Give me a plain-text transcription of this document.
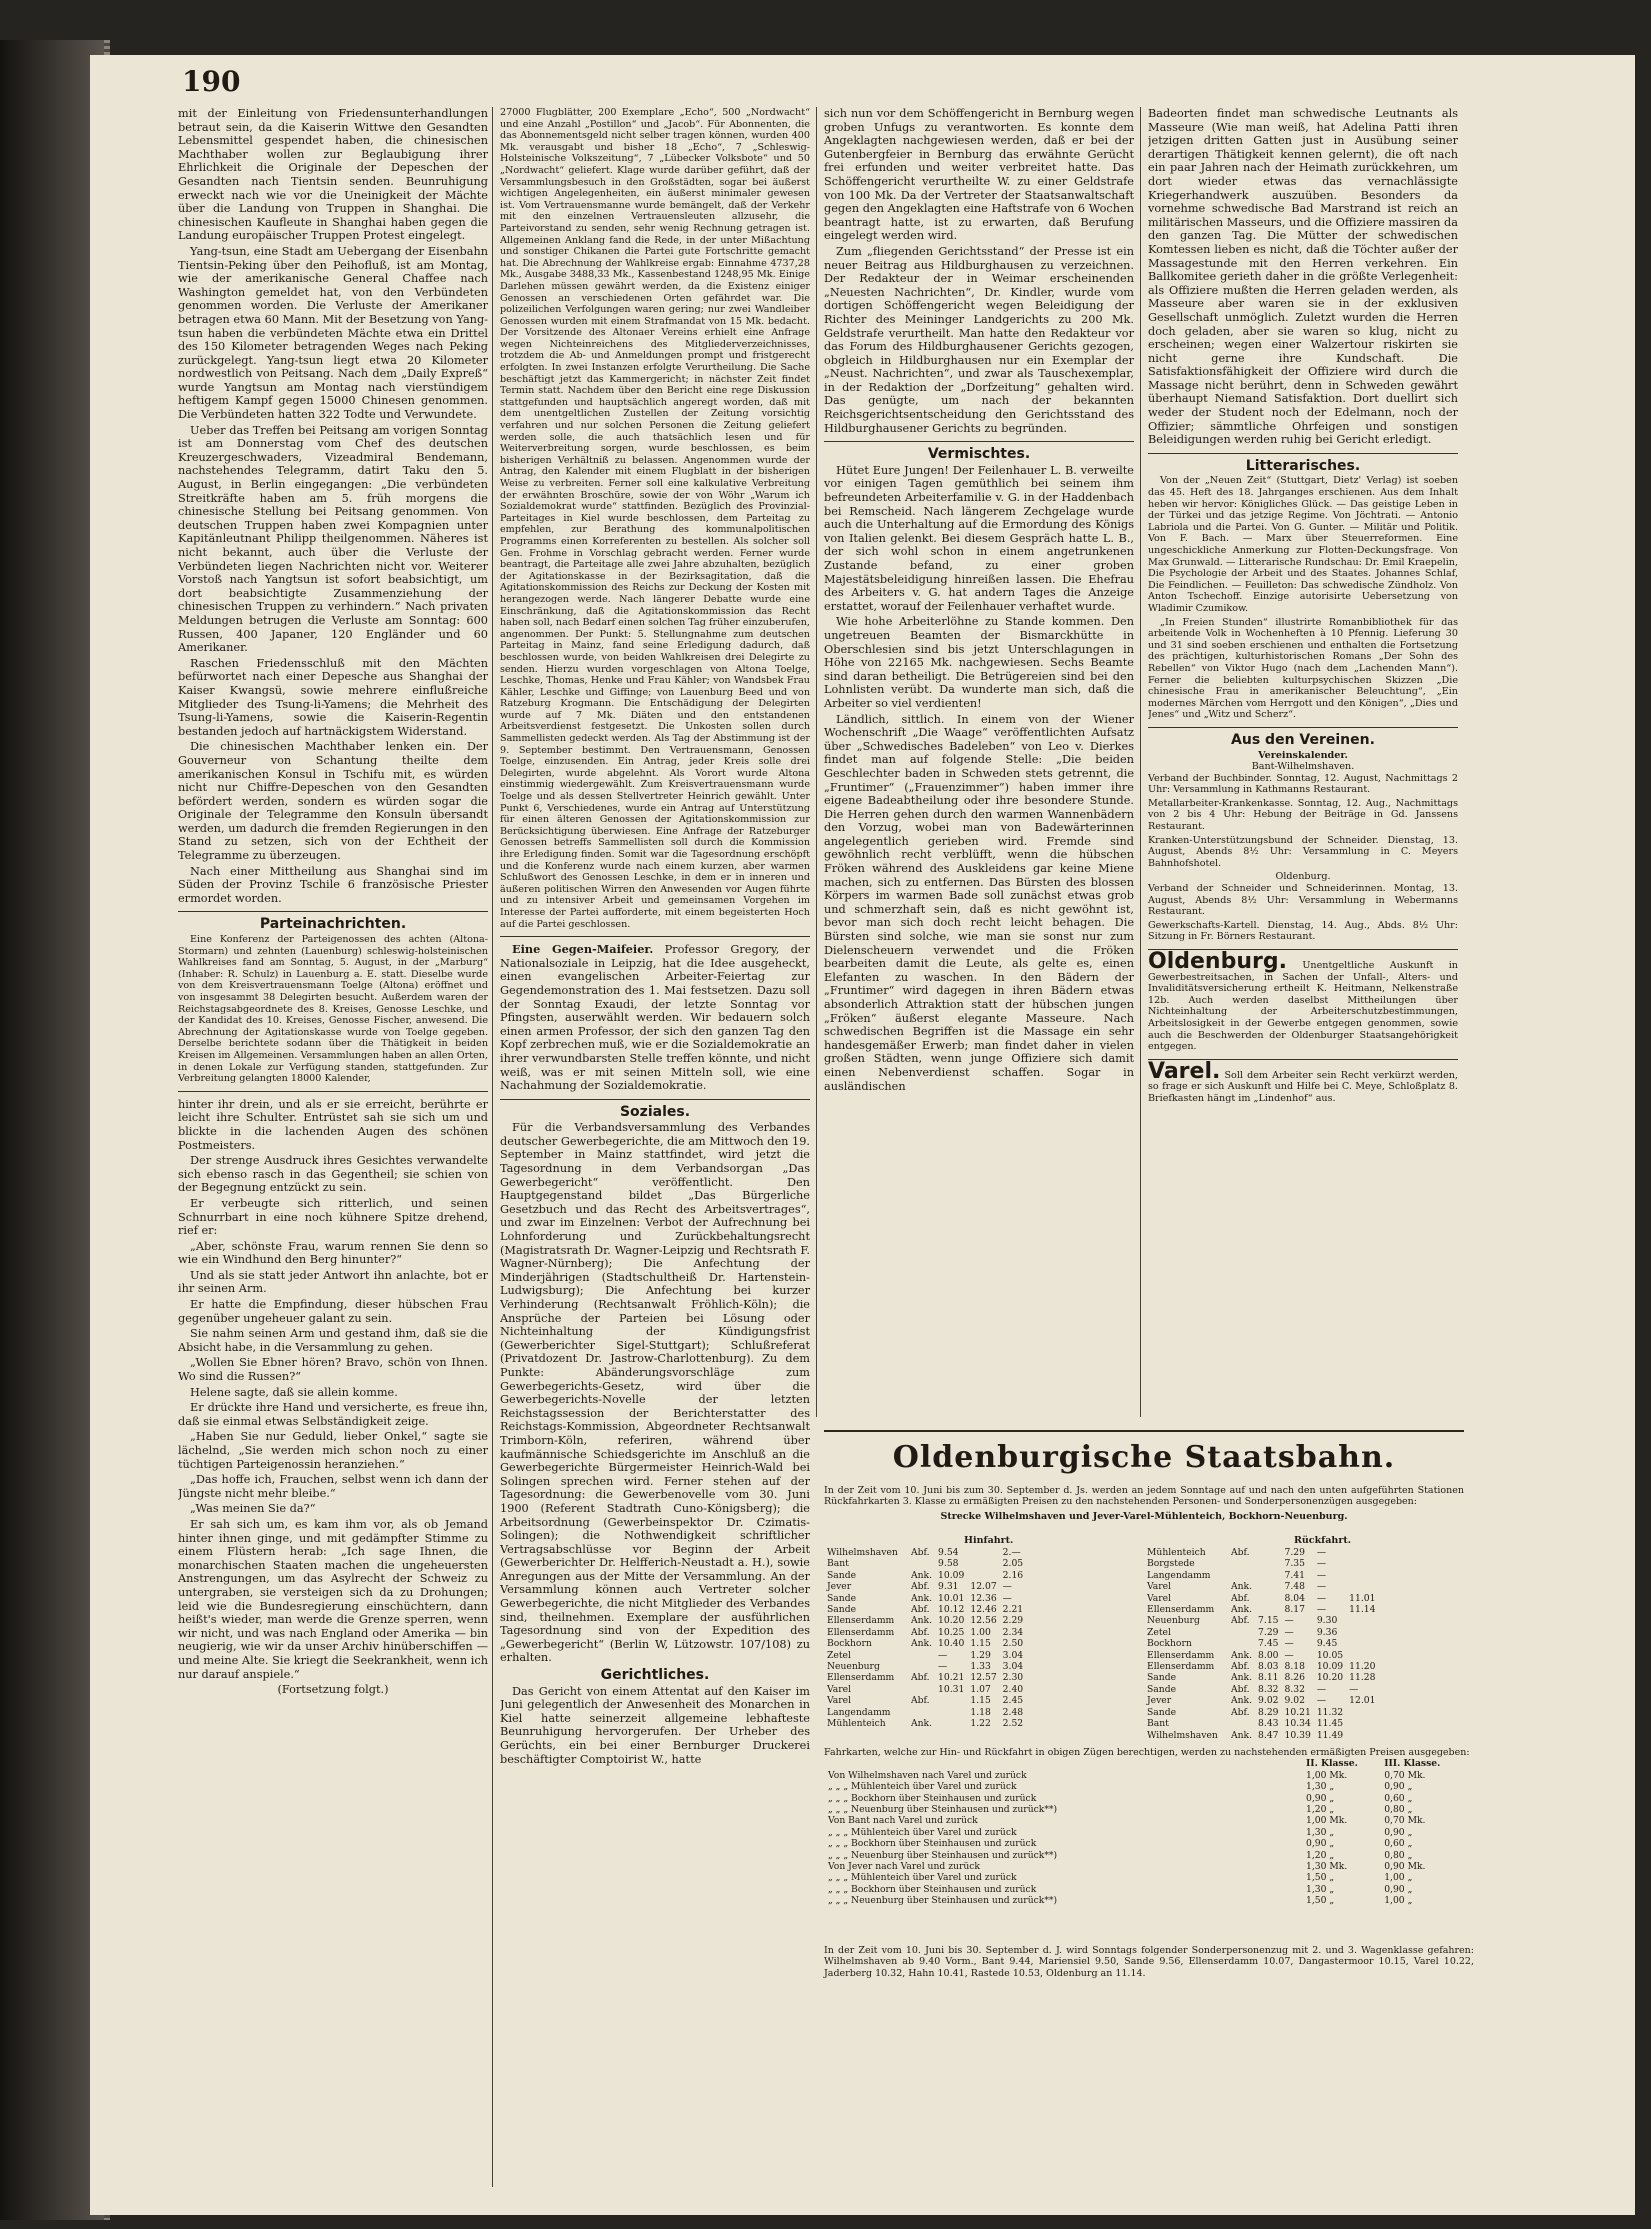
190

mit der Einleitung von Friedensunterhandlungen betraut sein, da die Kaiserin Wittwe den Gesandten Lebensmittel gespendet haben, die chinesischen Machthaber wollen zur Beglaubigung ihrer Ehrlichkeit die Originale der Depeschen der Gesandten nach Tientsin senden. Beunruhigung erweckt nach wie vor die Uneinigkeit der Mächte über die Landung von Truppen in Shanghai. Die chinesischen Kaufleute in Shanghai haben gegen die Landung europäischer Truppen Protest eingelegt.

Yang-tsun, eine Stadt am Uebergang der Eisenbahn Tientsin-Peking über den Peihofluß, ist am Montag, wie der amerikanische General Chaffee nach Washington gemeldet hat, von den Verbündeten genommen worden. Die Verluste der Amerikaner betragen etwa 60 Mann. Mit der Besetzung von Yang-tsun haben die verbündeten Mächte etwa ein Drittel des 150 Kilometer betragenden Weges nach Peking zurückgelegt. Yang-tsun liegt etwa 20 Kilometer nordwestlich von Peitsang. Nach dem „Daily Expreß“ wurde Yangtsun am Montag nach vierstündigem heftigem Kampf gegen 15000 Chinesen genommen. Die Verbündeten hatten 322 Todte und Verwundete.

Ueber das Treffen bei Peitsang am vorigen Sonntag ist am Donnerstag vom Chef des deutschen Kreuzergeschwaders, Vizeadmiral Bendemann, nachstehendes Telegramm, datirt Taku den 5. August, in Berlin eingegangen: „Die verbündeten Streitkräfte haben am 5. früh morgens die chinesische Stellung bei Peitsang genommen. Von deutschen Truppen haben zwei Kompagnien unter Kapitänleutnant Philipp theilgenommen. Näheres ist nicht bekannt, auch über die Verluste der Verbündeten liegen Nachrichten nicht vor. Weiterer Vorstoß nach Yangtsun ist sofort beabsichtigt, um dort beabsichtigte Zusammenziehung der chinesischen Truppen zu verhindern.“ Nach privaten Meldungen betrugen die Verluste am Sonntag: 600 Russen, 400 Japaner, 120 Engländer und 60 Amerikaner.

Raschen Friedensschluß mit den Mächten befürwortet nach einer Depesche aus Shanghai der Kaiser Kwangsü, sowie mehrere einflußreiche Mitglieder des Tsung-li-Yamens; die Mehrheit des Tsung-li-Yamens, sowie die Kaiserin-Regentin bestanden jedoch auf hartnäckigstem Widerstand.

Die chinesischen Machthaber lenken ein. Der Gouverneur von Schantung theilte dem amerikanischen Konsul in Tschifu mit, es würden nicht nur Chiffre-Depeschen von den Gesandten befördert werden, sondern es würden sogar die Originale der Telegramme den Konsuln übersandt werden, um dadurch die fremden Regierungen in den Stand zu setzen, sich von der Echtheit der Telegramme zu überzeugen.

Nach einer Mittheilung aus Shanghai sind im Süden der Provinz Tschile 6 französische Priester ermordet worden.

Parteinachrichten.

Eine Konferenz der Parteigenossen des achten (Altona-Stormarn) und zehnten (Lauenburg) schleswig-holsteinischen Wahlkreises fand am Sonntag, 5. August, in der „Marburg“ (Inhaber: R. Schulz) in Lauenburg a. E. statt. Dieselbe wurde von dem Kreisvertrauensmann Toelge (Altona) eröffnet und von insgesammt 38 Delegirten besucht. Außerdem waren der Reichstagsabgeordnete des 8. Kreises, Genosse Leschke, und der Kandidat des 10. Kreises, Genosse Fischer, anwesend. Die Abrechnung der Agitationskasse wurde von Toelge gegeben. Derselbe berichtete sodann über die Thätigkeit in beiden Kreisen im Allgemeinen. Versammlungen haben an allen Orten, in denen Lokale zur Verfügung standen, stattgefunden. Zur Verbreitung gelangten 18000 Kalender,

hinter ihr drein, und als er sie erreicht, berührte er leicht ihre Schulter. Entrüstet sah sie sich um und blickte in die lachenden Augen des schönen Postmeisters.

Der strenge Ausdruck ihres Gesichtes verwandelte sich ebenso rasch in das Gegentheil; sie schien von der Begegnung entzückt zu sein.

Er verbeugte sich ritterlich, und seinen Schnurrbart in eine noch kühnere Spitze drehend, rief er:

„Aber, schönste Frau, warum rennen Sie denn so wie ein Windhund den Berg hinunter?“

Und als sie statt jeder Antwort ihn anlachte, bot er ihr seinen Arm.

Er hatte die Empfindung, dieser hübschen Frau gegenüber ungeheuer galant zu sein.

Sie nahm seinen Arm und gestand ihm, daß sie die Absicht habe, in die Versammlung zu gehen.

„Wollen Sie Ebner hören? Bravo, schön von Ihnen. Wo sind die Russen?“

Helene sagte, daß sie allein komme.

Er drückte ihre Hand und versicherte, es freue ihn, daß sie einmal etwas Selbständigkeit zeige.

„Haben Sie nur Geduld, lieber Onkel,“ sagte sie lächelnd, „Sie werden mich schon noch zu einer tüchtigen Parteigenossin heranziehen.“

„Das hoffe ich, Frauchen, selbst wenn ich dann der Jüngste nicht mehr bleibe.“

„Was meinen Sie da?“

Er sah sich um, es kam ihm vor, als ob Jemand hinter ihnen ginge, und mit gedämpfter Stimme zu einem Flüstern herab: „Ich sage Ihnen, die monarchischen Staaten machen die ungeheuersten Anstrengungen, um das Asylrecht der Schweiz zu untergraben, sie versteigen sich da zu Drohungen; leid wie die Bundesregierung einschüchtern, dann heißt's wieder, man werde die Grenze sperren, wenn wir nicht, und was nach England oder Amerika — bin neugierig, wie wir da unser Archiv hinüberschiffen — und meine Alte. Sie kriegt die Seekrankheit, wenn ich nur darauf anspiele.“

(Fortsetzung folgt.)

27000 Flugblätter, 200 Exemplare „Echo“, 500 „Nordwacht“ und eine Anzahl „Postillon“ und „Jacob“. Für Abonnenten, die das Abonnementsgeld nicht selber tragen können, wurden 400 Mk. verausgabt und bisher 18 „Echo“, 7 „Schleswig-Holsteinische Volkszeitung“, 7 „Lübecker Volksbote“ und 50 „Nordwacht“ geliefert. Klage wurde darüber geführt, daß der Versammlungsbesuch in den Großstädten, sogar bei äußerst wichtigen Angelegenheiten, ein äußerst minimaler gewesen ist. Vom Vertrauensmanne wurde bemängelt, daß der Verkehr mit den einzelnen Vertrauensleuten allzusehr, die Parteivorstand zu senden, sehr wenig Rechnung getragen ist. Allgemeinen Anklang fand die Rede, in der unter Mißachtung und sonstiger Chikanen die Partei gute Fortschritte gemacht hat. Die Abrechnung der Wahlkreise ergab: Einnahme 4737,28 Mk., Ausgabe 3488,33 Mk., Kassenbestand 1248,95 Mk. Einige Darlehen müssen gewährt werden, da die Existenz einiger Genossen an verschiedenen Orten gefährdet war. Die polizeilichen Verfolgungen waren gering; nur zwei Wandleiber Genossen wurden mit einem Strafmandat von 15 Mk. bedacht. Der Vorsitzende des Altonaer Vereins erhielt eine Anfrage wegen Nichteinreichens des Mitgliederverzeichnisses, trotzdem die Ab- und Anmeldungen prompt und fristgerecht erfolgten. In zwei Instanzen erfolgte Verurtheilung. Die Sache beschäftigt jetzt das Kammergericht; in nächster Zeit findet Termin statt. Nachdem über den Bericht eine rege Diskussion stattgefunden und hauptsächlich angeregt worden, daß mit dem unentgeltlichen Zustellen der Zeitung vorsichtig verfahren und nur solchen Personen die Zeitung geliefert werden solle, die auch thatsächlich lesen und für Weiterverbreitung sorgen, wurde beschlossen, es beim bisherigen Verhältniß zu belassen. Angenommen wurde der Antrag, den Kalender mit einem Flugblatt in der bisherigen Weise zu verbreiten. Ferner soll eine kalkulative Verbreitung der erwähnten Broschüre, sowie der von Wöhr „Warum ich Sozialdemokrat wurde“ stattfinden. Bezüglich des Provinzial-Parteitages in Kiel wurde beschlossen, dem Parteitag zu empfehlen, zur Berathung des kommunalpolitischen Programms einen Korreferenten zu bestellen. Als solcher soll Gen. Frohme in Vorschlag gebracht werden. Ferner wurde beantragt, die Parteitage alle zwei Jahre abzuhalten, bezüglich der Agitationskasse in der Bezirksagitation, daß die Agitationskommission des Reichs zur Deckung der Kosten mit herangezogen werde. Nach längerer Debatte wurde eine Einschränkung, daß die Agitationskommission das Recht haben soll, nach Bedarf einen solchen Tag früher einzuberufen, angenommen. Der Punkt: 5. Stellungnahme zum deutschen Parteitag in Mainz, fand seine Erledigung dadurch, daß beschlossen wurde, von beiden Wahlkreisen drei Delegirte zu senden. Hierzu wurden vorgeschlagen von Altona Toelge, Leschke, Thomas, Henke und Frau Kähler; von Wandsbek Frau Kähler, Leschke und Giffinge; von Lauenburg Beed und von Ratzeburg Krogmann. Die Entschädigung der Delegirten wurde auf 7 Mk. Diäten und den entstandenen Arbeitsverdienst festgesetzt. Die Unkosten sollen durch Sammellisten gedeckt werden. Als Tag der Abstimmung ist der 9. September bestimmt. Den Vertrauensmann, Genossen Toelge, einzusenden. Ein Antrag, jeder Kreis solle drei Delegirten, wurde abgelehnt. Als Vorort wurde Altona einstimmig wiedergewählt. Zum Kreisvertrauensmann wurde Toelge und als dessen Stellvertreter Heinrich gewählt. Unter Punkt 6, Verschiedenes, wurde ein Antrag auf Unterstützung für einen älteren Genossen der Agitationskommission zur Berücksichtigung überwiesen. Eine Anfrage der Ratzeburger Genossen betreffs Sammellisten soll durch die Kommission ihre Erledigung finden. Somit war die Tagesordnung erschöpft und die Konferenz wurde nach einem kurzen, aber warmen Schlußwort des Genossen Leschke, in dem er in inneren und äußeren politischen Wirren den Anwesenden vor Augen führte und zu intensiver Arbeit und gemeinsamen Vorgehen im Interesse der Partei aufforderte, mit einem begeisterten Hoch auf die Partei geschlossen.

Eine Gegen-Maifeier. Professor Gregory, der Nationalsoziale in Leipzig, hat die Idee ausgeheckt, einen evangelischen Arbeiter-Feiertag zur Gegendemonstration des 1. Mai festsetzen. Dazu soll der Sonntag Exaudi, der letzte Sonntag vor Pfingsten, auserwählt werden. Wir bedauern solch einen armen Professor, der sich den ganzen Tag den Kopf zerbrechen muß, wie er die Sozialdemokratie an ihrer verwundbarsten Stelle treffen könnte, und nicht weiß, was er mit seinen Mitteln soll, wie eine Nachahmung der Sozialdemokratie.

Soziales.

Für die Verbandsversammlung des Verbandes deutscher Gewerbegerichte, die am Mittwoch den 19. September in Mainz stattfindet, wird jetzt die Tagesordnung in dem Verbandsorgan „Das Gewerbegericht“ veröffentlicht. Den Hauptgegenstand bildet „Das Bürgerliche Gesetzbuch und das Recht des Arbeitsvertrages“, und zwar im Einzelnen: Verbot der Aufrechnung bei Lohnforderung und Zurückbehaltungsrecht (Magistratsrath Dr. Wagner-Leipzig und Rechtsrath F. Wagner-Nürnberg); Die Anfechtung der Minderjährigen (Stadtschultheiß Dr. Hartenstein-Ludwigsburg); Die Anfechtung bei kurzer Verhinderung (Rechtsanwalt Fröhlich-Köln); die Ansprüche der Parteien bei Lösung oder Nichteinhaltung der Kündigungsfrist (Gewerberichter Sigel-Stuttgart); Schlußreferat (Privatdozent Dr. Jastrow-Charlottenburg). Zu dem Punkte: Abänderungsvorschläge zum Gewerbegerichts-Gesetz, wird über die Gewerbegerichts-Novelle der letzten Reichstagssession der Berichterstatter des Reichstags-Kommission, Abgeordneter Rechtsanwalt Trimborn-Köln, referiren, während über kaufmännische Schiedsgerichte im Anschluß an die Gewerbegerichte Bürgermeister Heinrich-Wald bei Solingen sprechen wird. Ferner stehen auf der Tagesordnung: die Gewerbenovelle vom 30. Juni 1900 (Referent Stadtrath Cuno-Königsberg); die Arbeitsordnung (Gewerbeinspektor Dr. Czimatis-Solingen); die Nothwendigkeit schriftlicher Vertragsabschlüsse vor Beginn der Arbeit (Gewerberichter Dr. Helfferich-Neustadt a. H.), sowie Anregungen aus der Mitte der Versammlung. An der Versammlung können auch Vertreter solcher Gewerbegerichte, die nicht Mitglieder des Verbandes sind, theilnehmen. Exemplare der ausführlichen Tagesordnung sind von der Expedition des „Gewerbegericht“ (Berlin W, Lützowstr. 107/108) zu erhalten.

Gerichtliches.

Das Gericht von einem Attentat auf den Kaiser im Juni gelegentlich der Anwesenheit des Monarchen in Kiel hatte seinerzeit allgemeine lebhafteste Beunruhigung hervorgerufen. Der Urheber des Gerüchts, ein bei einer Bernburger Druckerei beschäftigter Comptoirist W., hatte

sich nun vor dem Schöffengericht in Bernburg wegen groben Unfugs zu verantworten. Es konnte dem Angeklagten nachgewiesen werden, daß er bei der Gutenbergfeier in Bernburg das erwähnte Gerücht frei erfunden und weiter verbreitet hatte. Das Schöffengericht verurtheilte W. zu einer Geldstrafe von 100 Mk. Da der Vertreter der Staatsanwaltschaft gegen den Angeklagten eine Haftstrafe von 6 Wochen beantragt hatte, ist zu erwarten, daß Berufung eingelegt werden wird.

Zum „fliegenden Gerichtsstand“ der Presse ist ein neuer Beitrag aus Hildburghausen zu verzeichnen. Der Redakteur der in Weimar erscheinenden „Neuesten Nachrichten“, Dr. Kindler, wurde vom dortigen Schöffengericht wegen Beleidigung der Richter des Meininger Landgerichts zu 200 Mk. Geldstrafe verurtheilt. Man hatte den Redakteur vor das Forum des Hildburghausener Gerichts gezogen, obgleich in Hildburghausen nur ein Exemplar der „Neust. Nachrichten“, und zwar als Tauschexemplar, in der Redaktion der „Dorfzeitung“ gehalten wird. Das genügte, um nach der bekannten Reichsgerichtsentscheidung den Gerichtsstand des Hildburghausener Gerichts zu begründen.

Vermischtes.

Hütet Eure Jungen! Der Feilenhauer L. B. verweilte vor einigen Tagen gemüthlich bei seinem ihm befreundeten Arbeiterfamilie v. G. in der Haddenbach bei Remscheid. Nach längerem Zechgelage wurde auch die Unterhaltung auf die Ermordung des Königs von Italien gelenkt. Bei diesem Gespräch hatte L. B., der sich wohl schon in einem angetrunkenen Zustande befand, zu einer groben Majestätsbeleidigung hinreißen lassen. Die Ehefrau des Arbeiters v. G. hat andern Tages die Anzeige erstattet, worauf der Feilenhauer verhaftet wurde.

Wie hohe Arbeiterlöhne zu Stande kommen. Den ungetreuen Beamten der Bismarckhütte in Oberschlesien sind bis jetzt Unterschlagungen in Höhe von 22165 Mk. nachgewiesen. Sechs Beamte sind daran betheiligt. Die Betrügereien sind bei den Lohnlisten verübt. Da wunderte man sich, daß die Arbeiter so viel verdienten!

Ländlich, sittlich. In einem von der Wiener Wochenschrift „Die Waage“ veröffentlichten Aufsatz über „Schwedisches Badeleben“ von Leo v. Dierkes findet man auf folgende Stelle: „Die beiden Geschlechter baden in Schweden stets getrennt, die „Fruntimer“ („Frauenzimmer“) haben immer ihre eigene Badeabtheilung oder ihre besondere Stunde. Die Herren gehen durch den warmen Wannenbädern den Vorzug, wobei man von Badewärterinnen angelegentlich gerieben wird. Fremde sind gewöhnlich recht verblüfft, wenn die hübschen Fröken während des Auskleidens gar keine Miene machen, sich zu entfernen. Das Bürsten des blossen Körpers im warmen Bade soll zunächst etwas grob und schmerzhaft sein, daß es nicht gewöhnt ist, bevor man sich doch recht leicht behagen. Die Bürsten sind solche, wie man sie sonst nur zum Dielenscheuern verwendet und die Fröken bearbeiten damit die Leute, als gelte es, einen Elefanten zu waschen. In den Bädern der „Fruntimer“ wird dagegen in ihren Bädern etwas absonderlich Attraktion statt der hübschen jungen „Fröken“ äußerst elegante Masseure. Nach schwedischen Begriffen ist die Massage ein sehr handesgemäßer Erwerb; man findet daher in vielen großen Städten, wenn junge Offiziere sich damit einen Nebenverdienst schaffen. Sogar in ausländischen

Badeorten findet man schwedische Leutnants als Masseure (Wie man weiß, hat Adelina Patti ihren jetzigen dritten Gatten just in Ausübung seiner derartigen Thätigkeit kennen gelernt), die oft nach ein paar Jahren nach der Heimath zurückkehren, um dort wieder etwas das vernachlässigte Kriegerhandwerk auszuüben. Besonders da vornehme schwedische Bad Marstrand ist reich an militärischen Masseurs, und die Offiziere massiren da den ganzen Tag. Die Mütter der schwedischen Komtessen lieben es nicht, daß die Töchter außer der Massagestunde mit den Herren verkehren. Ein Ballkomitee gerieth daher in die größte Verlegenheit: als Offiziere mußten die Herren geladen werden, als Masseure aber waren sie in der exklusiven Gesellschaft unmöglich. Zuletzt wurden die Herren doch geladen, aber sie waren so klug, nicht zu erscheinen; wegen einer Walzertour riskirten sie nicht gerne ihre Kundschaft. Die Satisfaktionsfähigkeit der Offiziere wird durch die Massage nicht berührt, denn in Schweden gewährt überhaupt Niemand Satisfaktion. Dort duellirt sich weder der Student noch der Edelmann, noch der Offizier; sämmtliche Ohrfeigen und sonstigen Beleidigungen werden ruhig bei Gericht erledigt.

Litterarisches.

Von der „Neuen Zeit“ (Stuttgart, Dietz' Verlag) ist soeben das 45. Heft des 18. Jahrganges erschienen. Aus dem Inhalt heben wir hervor: Königliches Glück. — Das geistige Leben in der Türkei und das jetzige Regime. Von Jöchtrati. — Antonio Labriola und die Partei. Von G. Gunter. — Militär und Politik. Von F. Bach. — Marx über Steuerreformen. Eine ungeschickliche Anmerkung zur Flotten-Deckungsfrage. Von Max Grunwald. — Litterarische Rundschau: Dr. Emil Kraepelin, Die Psychologie der Arbeit und des Staates. Johannes Schlaf, Die Feindlichen. — Feuilleton: Das schwedische Zündholz. Von Anton Tschechoff. Einzige autorisirte Uebersetzung von Wladimir Czumikow.

„In Freien Stunden“ illustrirte Romanbibliothek für das arbeitende Volk in Wochenheften à 10 Pfennig. Lieferung 30 und 31 sind soeben erschienen und enthalten die Fortsetzung des prächtigen, kulturhistorischen Romans „Der Sohn des Rebellen“ von Viktor Hugo (nach dem „Lachenden Mann“). Ferner die beliebten kulturpsychischen Skizzen „Die chinesische Frau in amerikanischer Beleuchtung“, „Ein modernes Märchen vom Herrgott und den Königen“, „Dies und Jenes“ und „Witz und Scherz“.

Aus den Vereinen.
Vereinskalender.
Bant-Wilhelmshaven.

Verband der Buchbinder. Sonntag, 12. August, Nachmittags 2 Uhr: Versammlung in Kathmanns Restaurant.

Metallarbeiter-Krankenkasse. Sonntag, 12. Aug., Nachmittags von 2 bis 4 Uhr: Hebung der Beiträge in Gd. Janssens Restaurant.

Kranken-Unterstützungsbund der Schneider. Dienstag, 13. August, Abends 8½ Uhr: Versammlung in C. Meyers Bahnhofshotel.

Oldenburg.

Verband der Schneider und Schneiderinnen. Montag, 13. August, Abends 8½ Uhr: Versammlung in Webermanns Restaurant.

Gewerkschafts-Kartell. Dienstag, 14. Aug., Abds. 8½ Uhr: Sitzung in Fr. Börners Restaurant.

Oldenburg. Unentgeltliche Auskunft in Gewerbestreitsachen, in Sachen der Unfall-, Alters- und Invaliditätsversicherung ertheilt K. Heitmann, Nelkenstraße 12b. Auch werden daselbst Mittheilungen über Nichteinhaltung der Arbeiterschutzbestimmungen, Arbeitslosigkeit in der Gewerbe entgegen genommen, sowie auch die Beschwerden der Oldenburger Staatsangehörigkeit entgegen.

Varel. Soll dem Arbeiter sein Recht verkürzt werden, so frage er sich Auskunft und Hilfe bei C. Meye, Schloßplatz 8. Briefkasten hängt im „Lindenhof“ aus.

Oldenburgische Staatsbahn.
In der Zeit vom 10. Juni bis zum 30. September d. Js. werden an jedem Sonntage auf und nach den unten aufgeführten Stationen Rückfahrkarten 3. Klasse zu ermäßigten Preisen zu den nachstehenden Personen- und Sonderpersonenzügen ausgegeben:
Strecke Wilhelmshaven und Jever-Varel-Mühlenteich, Bockhorn-Neuenburg.
Hinfahrt.	Rückfahrt.
Wilhelmshaven	Abf.	9.54		2.—	
Bant		9.58		2.05	
Sande	Ank.	10.09		2.16	
Jever	Abf.	9.31	12.07	—	
Sande	Ank.	10.01	12.36	—	
Sande	Abf.	10.12	12.46	2.21	
Ellenserdamm	Ank.	10.20	12.56	2.29	
Ellenserdamm	Abf.	10.25	1.00	2.34	
Bockhorn	Ank.	10.40	1.15	2.50	
Zetel		—	1.29	3.04	
Neuenburg		—	1.33	3.04	
Ellenserdamm	Abf.	10.21	12.57	2.30	
Varel		10.31	1.07	2.40	
Varel	Abf.		1.15	2.45	
Langendamm			1.18	2.48	
Mühlenteich	Ank.		1.22	2.52	
Mühlenteich	Abf.		7.29	—	
Borgstede			7.35	—	
Langendamm			7.41	—	
Varel	Ank.		7.48	—	
Varel	Abf.		8.04	—	11.01
Ellenserdamm	Ank.		8.17	—	11.14
Neuenburg	Abf.	7.15	—	9.30	
Zetel		7.29	—	9.36	
Bockhorn		7.45	—	9.45	
Ellenserdamm	Ank.	8.00	—	10.05	
Ellenserdamm	Abf.	8.03	8.18	10.09	11.20
Sande	Ank.	8.11	8.26	10.20	11.28
Sande	Abf.	8.32	8.32	—	—
Jever	Ank.	9.02	9.02	—	12.01
Sande	Abf.	8.29	10.21	11.32	
Bant		8.43	10.34	11.45	
Wilhelmshaven	Ank.	8.47	10.39	11.49	
Fahrkarten, welche zur Hin- und Rückfahrt in obigen Zügen berechtigen, werden zu nachstehenden ermäßigten Preisen ausgegeben:
	II. Klasse.	III. Klasse.
Von Wilhelmshaven nach Varel und zurück	1,00 Mk.	0,70 Mk.
„ „ „ Mühlenteich über Varel und zurück	1,30 „	0,90 „
„ „ „ Bockhorn über Steinhausen und zurück	0,90 „	0,60 „
„ „ „ Neuenburg über Steinhausen und zurück**)	1,20 „	0,80 „
Von Bant nach Varel und zurück	1,00 Mk.	0,70 Mk.
„ „ „ Mühlenteich über Varel und zurück	1,30 „	0,90 „
„ „ „ Bockhorn über Steinhausen und zurück	0,90 „	0,60 „
„ „ „ Neuenburg über Steinhausen und zurück**)	1,20 „	0,80 „
Von Jever nach Varel und zurück	1,30 Mk.	0,90 Mk.
„ „ „ Mühlenteich über Varel und zurück	1,50 „	1,00 „
„ „ „ Bockhorn über Steinhausen und zurück	1,30 „	0,90 „
„ „ „ Neuenburg über Steinhausen und zurück**)	1,50 „	1,00 „
In der Zeit vom 10. Juni bis 30. September d. J. wird Sonntags folgender Sonderpersonenzug mit 2. und 3. Wagenklasse gefahren: Wilhelmshaven ab 9.40 Vorm., Bant 9.44, Mariensiel 9.50, Sande 9.56, Ellenserdamm 10.07, Dangastermoor 10.15, Varel 10.22, Jaderberg 10.32, Hahn 10.41, Rastede 10.53, Oldenburg an 11.14.
